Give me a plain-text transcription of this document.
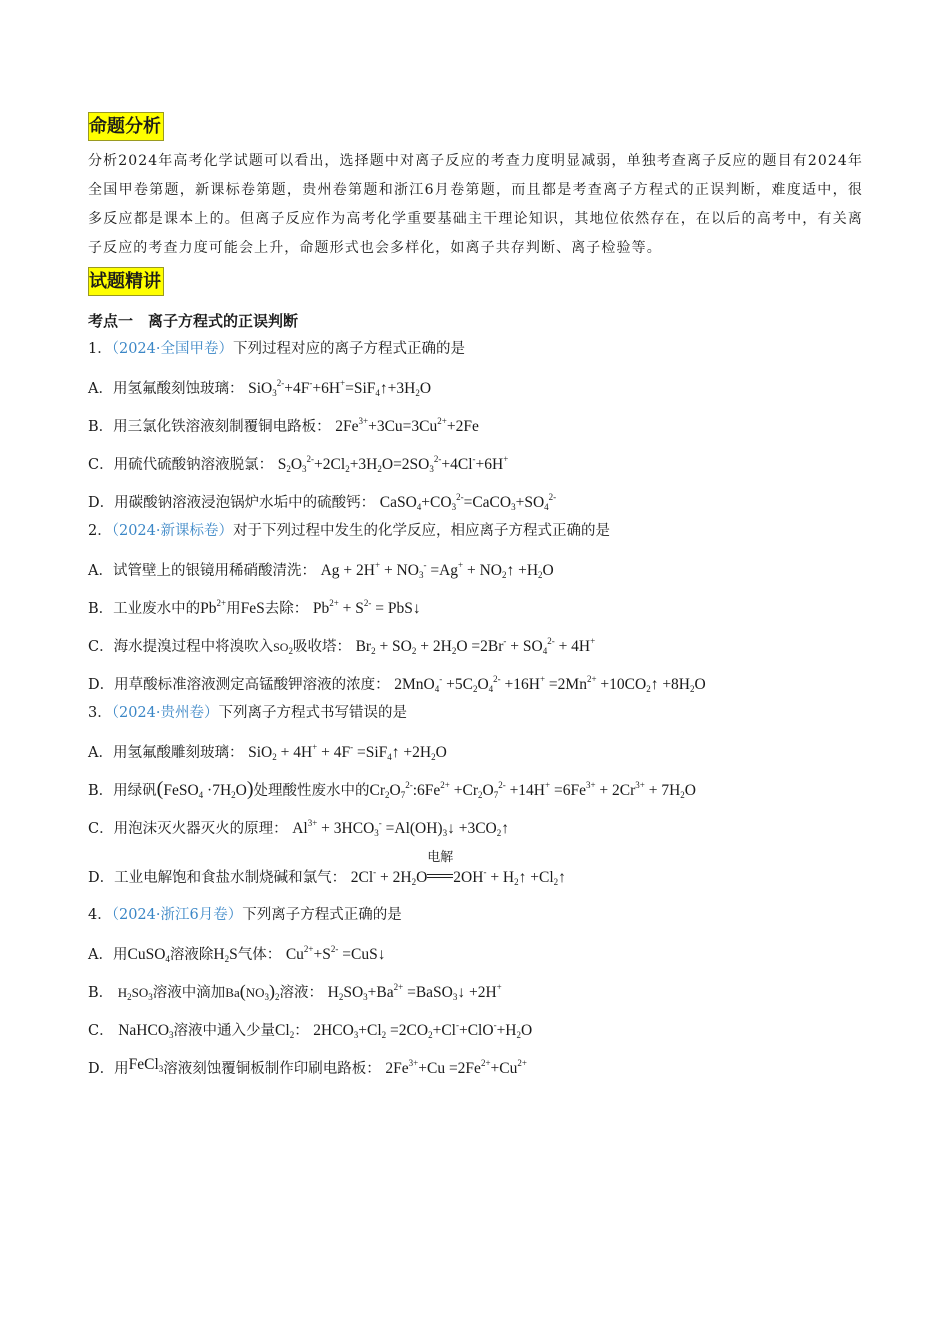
命题分析
分析2024年高考化学试题可以看出，选择题中对离子反应的考查力度明显减弱，单独考查离子反应的题目有2024年全国甲卷第题，新课标卷第题，贵州卷第题和浙江6月卷第题，而且都是考查离子方程式的正误判断，难度适中，很多反应都是课本上的。但离子反应作为高考化学重要基础主干理论知识，其地位依然存在，在以后的高考中，有关离子反应的考查力度可能会上升，命题形式也会多样化，如离子共存判断、离子检验等。
试题精讲
考点一　离子方程式的正误判断
1．（2024·全国甲卷）下列过程对应的离子方程式正确的是
A．用氢氟酸刻蚀玻璃： $SiO_3^{2-}+4F^-+6H^+=SiF_4↑+3H_2O$
B．用三氯化铁溶液刻制覆铜电路板： $2Fe^{3+}+3Cu=3Cu^{2+}+2Fe$
C．用硫代硫酸钠溶液脱氯： $S_2O_3^{2-}+2Cl_2+3H_2O=2SO_3^{2-}+4Cl^-+6H^+$
D．用碳酸钠溶液浸泡锅炉水垢中的硫酸钙： $CaSO_4+CO_3^{2-}=CaCO_3+SO_4^{2-}$
2．（2024·新课标卷）对于下列过程中发生的化学反应，相应离子方程式正确的是
A．试管壁上的银镜用稀硝酸清洗： $Ag + 2H^+ + NO_3^- =Ag^+$ + $NO_2↑ +H_2O$
B．工业废水中的$Pb^{2+}$用FeS去除： $Pb^{2+} + S^{2-}$ = PbS↓
C．海水提溴过程中将溴吹入$SO_2$吸收塔： $Br_2 + SO_2 + 2H_2O =2Br^- + SO_4^{2-} + 4H^+$
D．用草酸标准溶液测定高锰酸钾溶液的浓度： $2MnO_4^- +5C_2O_4^{2-} +16H^+ =2Mn^{2+}$ $+10CO_2↑ +8H_2O$
3．（2024·贵州卷）下列离子方程式书写错误的是
A．用氢氟酸雕刻玻璃： SiO$_2$ + 4H+ + 4F- =SiF$_4$↑ $+2H_2O$
B．用绿矾(FeSO$_4$ $\cdot 7H_2O$)处理酸性废水中的$Cr_2O_7^{2-}:6Fe^{2+} +Cr_2O_7^{2-} +14H^+ =6Fe^{3+} + 2Cr^{3+} + 7H_2O$
C．用泡沫灭火器灭火的原理： $Al^{3+} + 3HCO_3^-$ $=Al(OH)_3↓$ $+3CO_2↑$
D．工业电解饱和食盐水制烧碱和氯气： $2Cl^- + 2H_2O$
电解
$2OH^- + H_2↑$ $+Cl_2↑$
4．（2024·浙江6月卷）下列离子方程式正确的是
A．用CuSO$_4$溶液除$H_2S$气体： $Cu^{2+}+S^{2-}$ =CuS↓
B． $H_2SO_3$溶液中滴加$Ba(NO_3)_2$溶液： $H_2SO_3+Ba^{2+}$ =BaSO$_3$↓ +2H+
C． NaHCO$_3$溶液中通入少量$Cl_2$： $2HCO_3+Cl_2 =2CO_2+Cl^-+ClO^-+H_2O$
D．用FeCl$_3$溶液刻蚀覆铜板制作印刷电路板： $2Fe^{3+}+Cu =2Fe^{2+}+Cu^{2+}$
